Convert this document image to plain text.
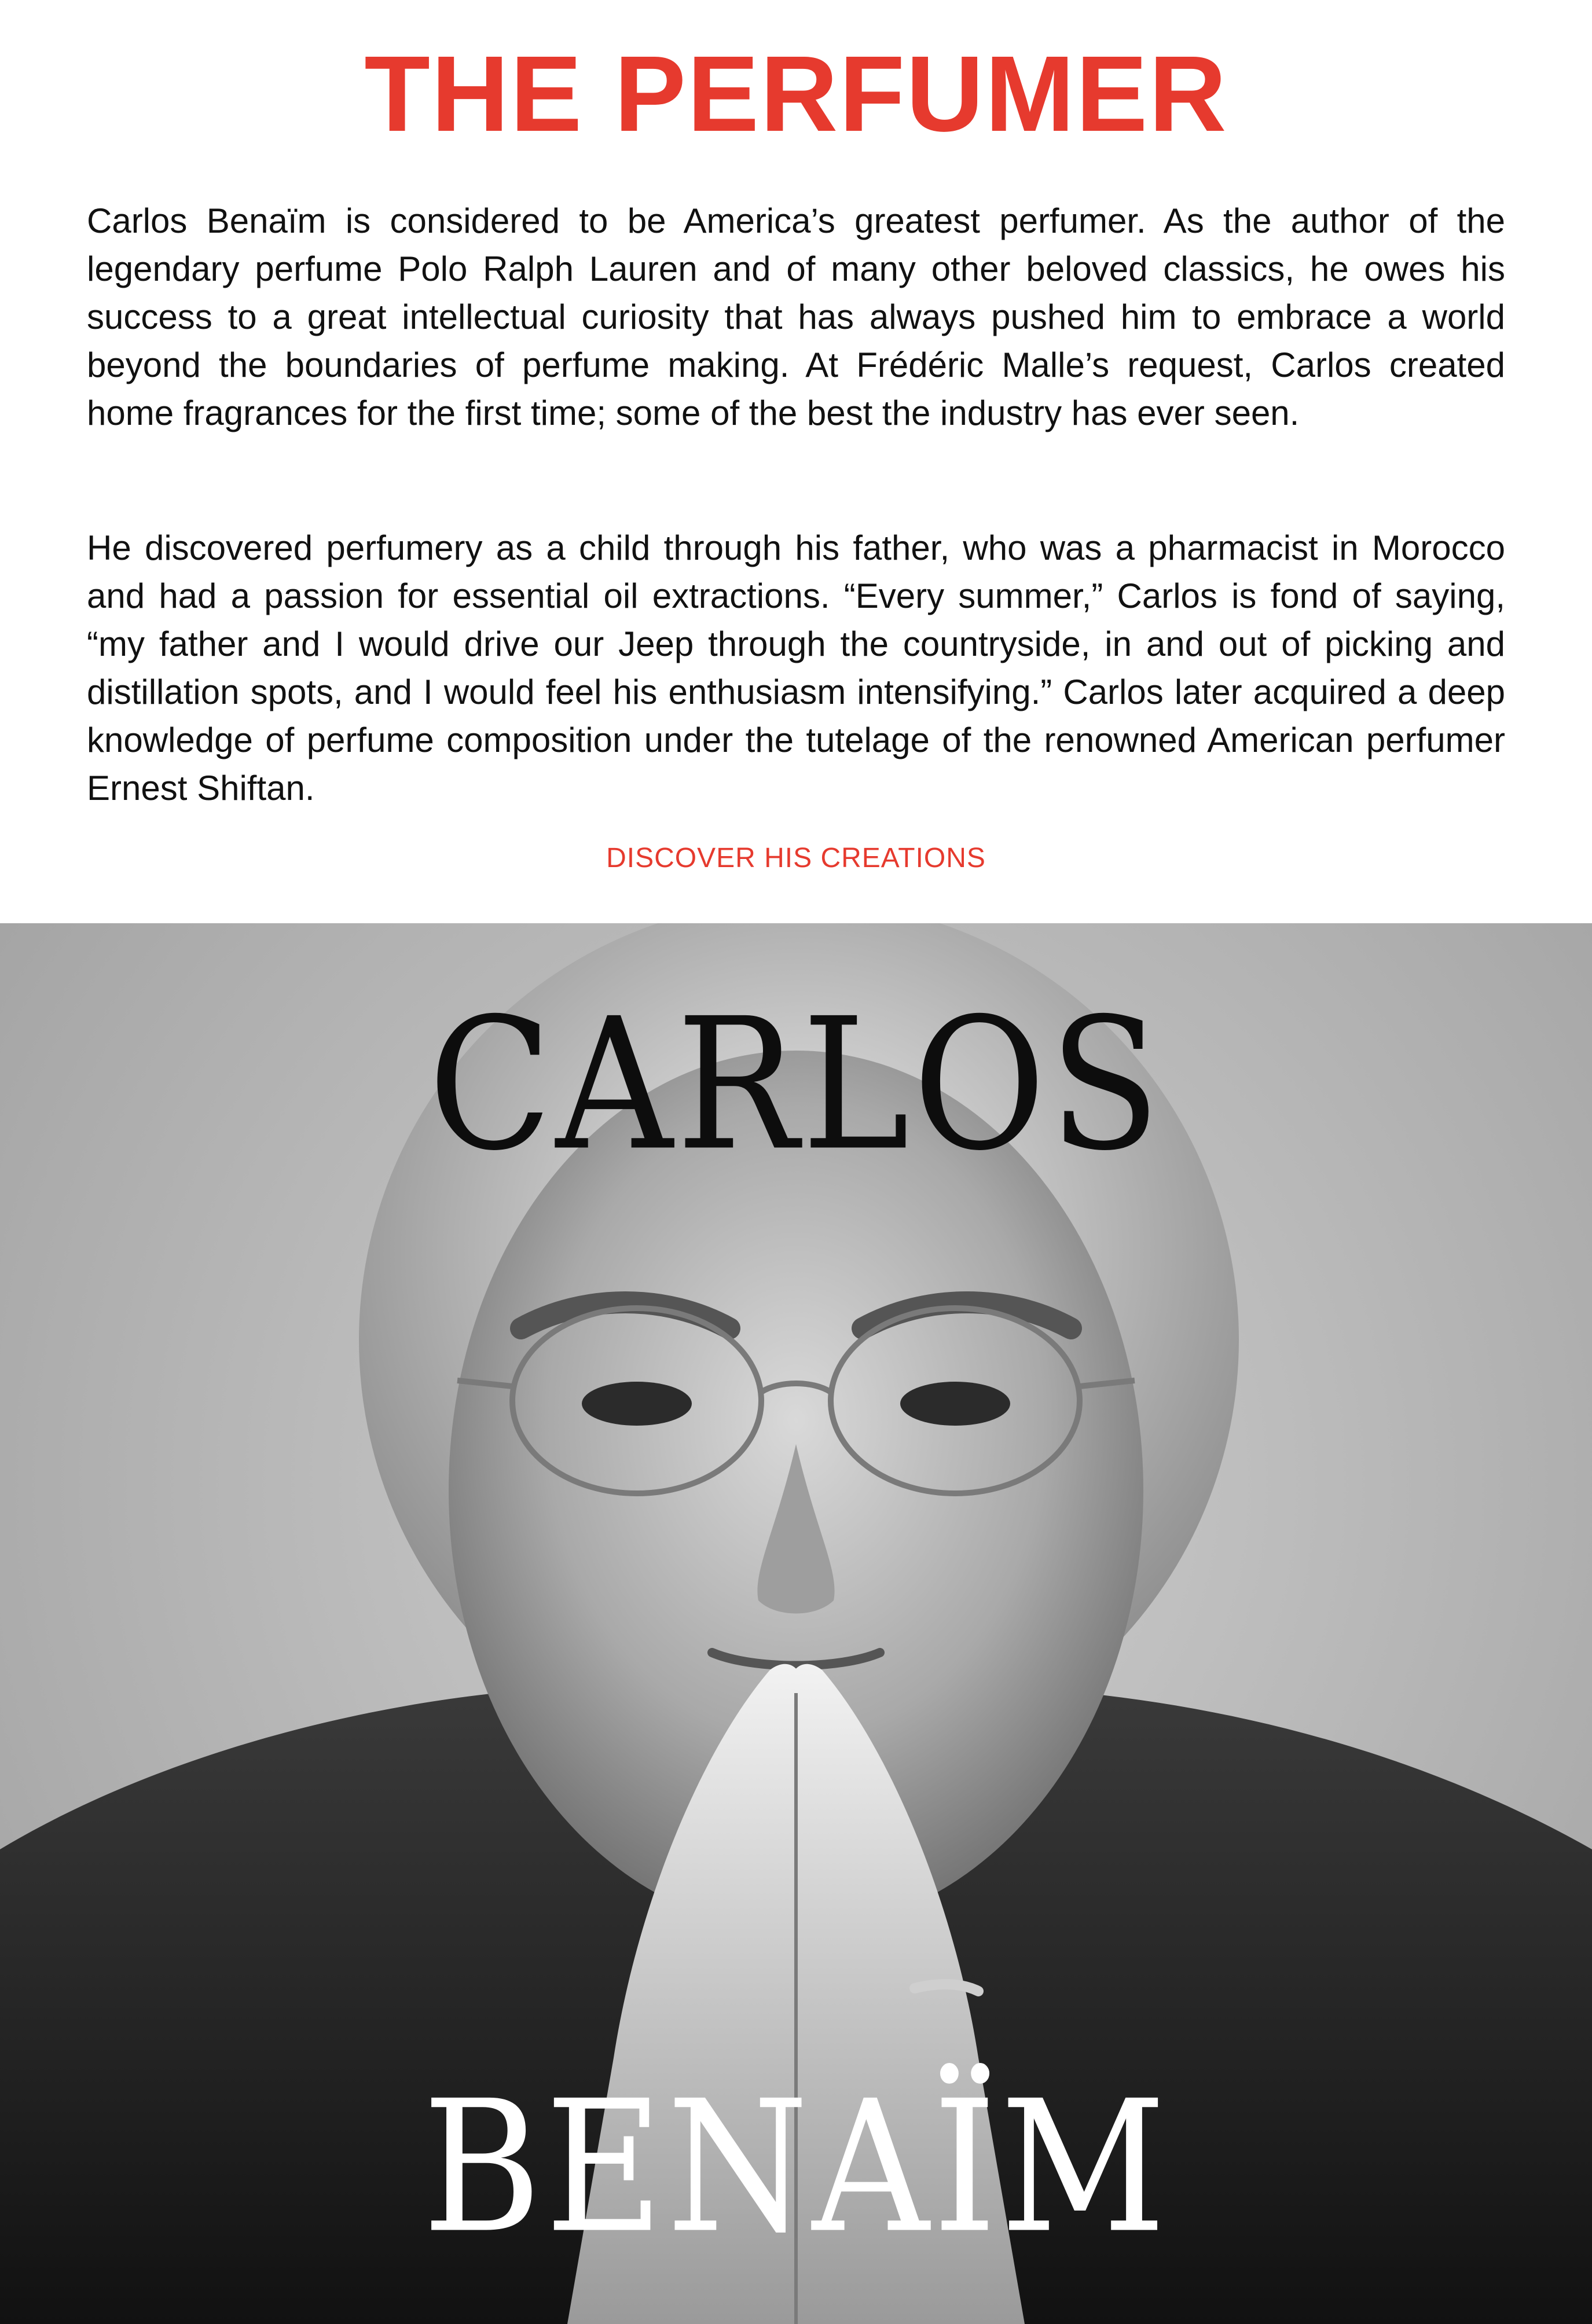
THE PERFUMER

Carlos Benaïm is considered to be America’s greatest perfumer. As the author of the legendary perfume Polo Ralph Lauren and of many other beloved classics, he owes his success to a great intellectual curiosity that has always pushed him to embrace a world beyond the boundaries of perfume making. At Frédéric Malle’s request, Carlos created home fragrances for the first time; some of the best the industry has ever seen.

He discovered perfumery as a child through his father, who was a pharmacist in Morocco and had a passion for essential oil extractions. “Every summer,” Carlos is fond of saying, “my father and I would drive our Jeep through the countryside, in and out of picking and distillation spots, and I would feel his enthusiasm intensifying.” Carlos later acquired a deep knowledge of perfume composition under the tutelage of the renowned American perfumer Ernest Shiftan.

DISCOVER HIS CREATIONS
CARLOS
BENAÏM
